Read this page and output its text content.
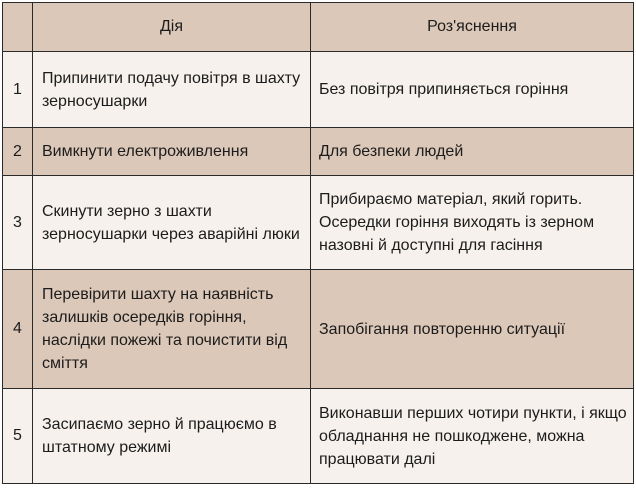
	Дія	Роз'яснення
1	Припинити подачу повітря в шахту зерносушарки	Без повітря припиняється горіння
2	Вимкнути електроживлення	Для безпеки людей
3	Скинути зерно з шахти зерносушарки через аварійні люки	Прибираємо матеріал, який горить. Осередки горіння виходять із зерном назовні й доступні для гасіння
4	Перевірити шахту на наявність залишків осередків горіння, наслідки пожежі та почистити від сміття	Запобігання повторенню ситуації
5	Засипаємо зерно й працюємо в штатному режимі	Виконавши перших чотири пункти, і якщо обладнання не пошкоджене, можна працювати далі
